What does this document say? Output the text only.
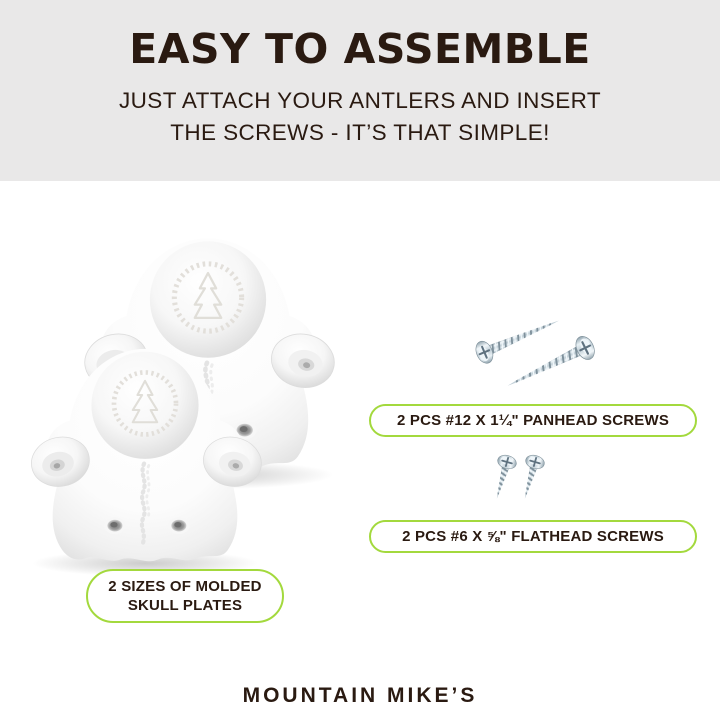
EASY TO ASSEMBLE

JUST ATTACH YOUR ANTLERS AND INSERT

THE SCREWS - IT’S THAT SIMPLE!

2 PCS #12 X 1¼" PANHEAD SCREWS
2 PCS #6 X ⅝" FLATHEAD SCREWS
2 SIZES OF MOLDED
SKULL PLATES
MOUNTAIN MIKE’S
